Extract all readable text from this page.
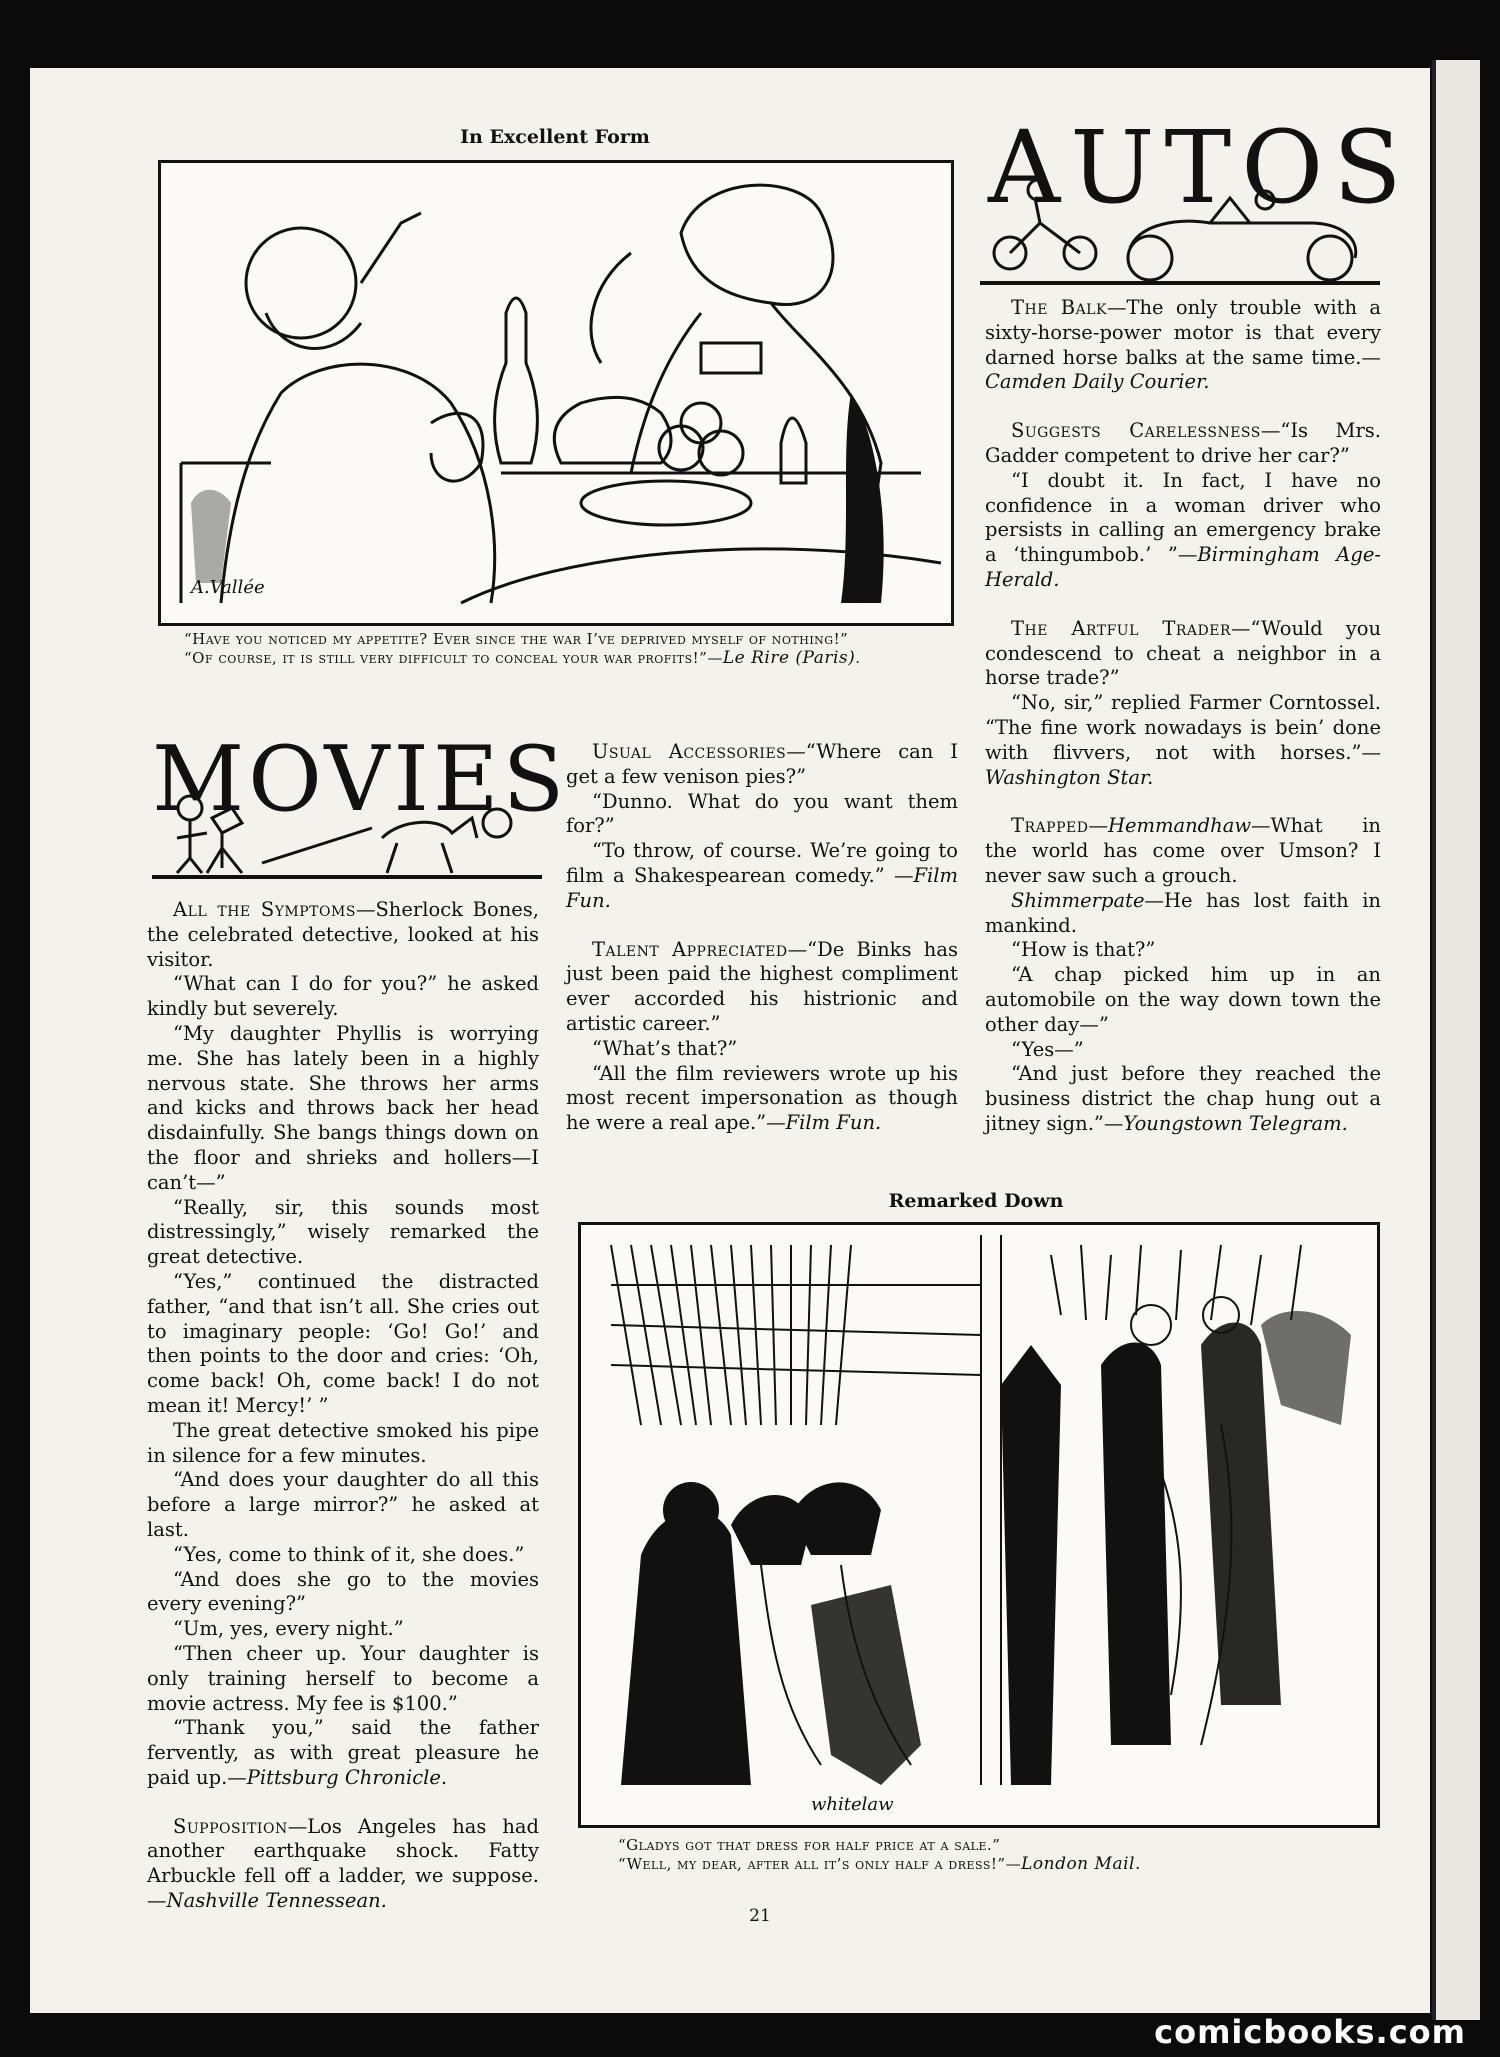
In Excellent Form
A.Vallée
“Have you noticed my appetite? Ever since the war I’ve deprived myself of nothing!”
“Of course, it is still very difficult to conceal your war profits!”—Le Rire (Paris).
AUTOS

The Balk—The only trouble with a sixty-horse-power motor is that every darned horse balks at the same time.—Camden Daily Courier.

Suggests Carelessness—“Is Mrs. Gadder competent to drive her car?”

“I doubt it. In fact, I have no confidence in a woman driver who persists in calling an emergency brake a ‘thingumbob.’ ”—Birmingham Age-Herald.

The Artful Trader—“Would you condescend to cheat a neighbor in a horse trade?”

“No, sir,” replied Farmer Corntossel. “The fine work nowadays is bein’ done with flivvers, not with horses.”—Washington Star.

Trapped—Hemmandhaw—What in the world has come over Umson? I never saw such a grouch.

Shimmerpate—He has lost faith in mankind.

“How is that?”

“A chap picked him up in an automobile on the way down town the other day—”

“Yes—”

“And just before they reached the business district the chap hung out a jitney sign.”—Youngstown Telegram.

MOVIES

All the Symptoms—Sherlock Bones, the celebrated detective, looked at his visitor.

“What can I do for you?” he asked kindly but severely.

“My daughter Phyllis is worrying me. She has lately been in a highly nervous state. She throws her arms and kicks and throws back her head disdainfully. She bangs things down on the floor and shrieks and hollers—I can’t—”

“Really, sir, this sounds most distressingly,” wisely remarked the great detective.

“Yes,” continued the distracted father, “and that isn’t all. She cries out to imaginary people: ‘Go! Go!’ and then points to the door and cries: ‘Oh, come back! Oh, come back! I do not mean it! Mercy!’ ”

The great detective smoked his pipe in silence for a few minutes.

“And does your daughter do all this before a large mirror?” he asked at last.

“Yes, come to think of it, she does.”

“And does she go to the movies every evening?”

“Um, yes, every night.”

“Then cheer up. Your daughter is only training herself to become a movie actress. My fee is $100.”

“Thank you,” said the father fervently, as with great pleasure he paid up.—Pittsburg Chronicle.

Supposition—Los Angeles has had another earthquake shock. Fatty Arbuckle fell off a ladder, we suppose. —Nashville Tennessean.

Usual Accessories—“Where can I get a few venison pies?”

“Dunno. What do you want them for?”

“To throw, of course. We’re going to film a Shakespearean comedy.” —Film Fun.

Talent Appreciated—“De Binks has just been paid the highest compliment ever accorded his histrionic and artistic career.”

“What’s that?”

“All the film reviewers wrote up his most recent impersonation as though he were a real ape.”—Film Fun.

Remarked Down
whitelaw
“Gladys got that dress for half price at a sale.”
“Well, my dear, after all it’s only half a dress!”—London Mail.
21
comicbooks.com
